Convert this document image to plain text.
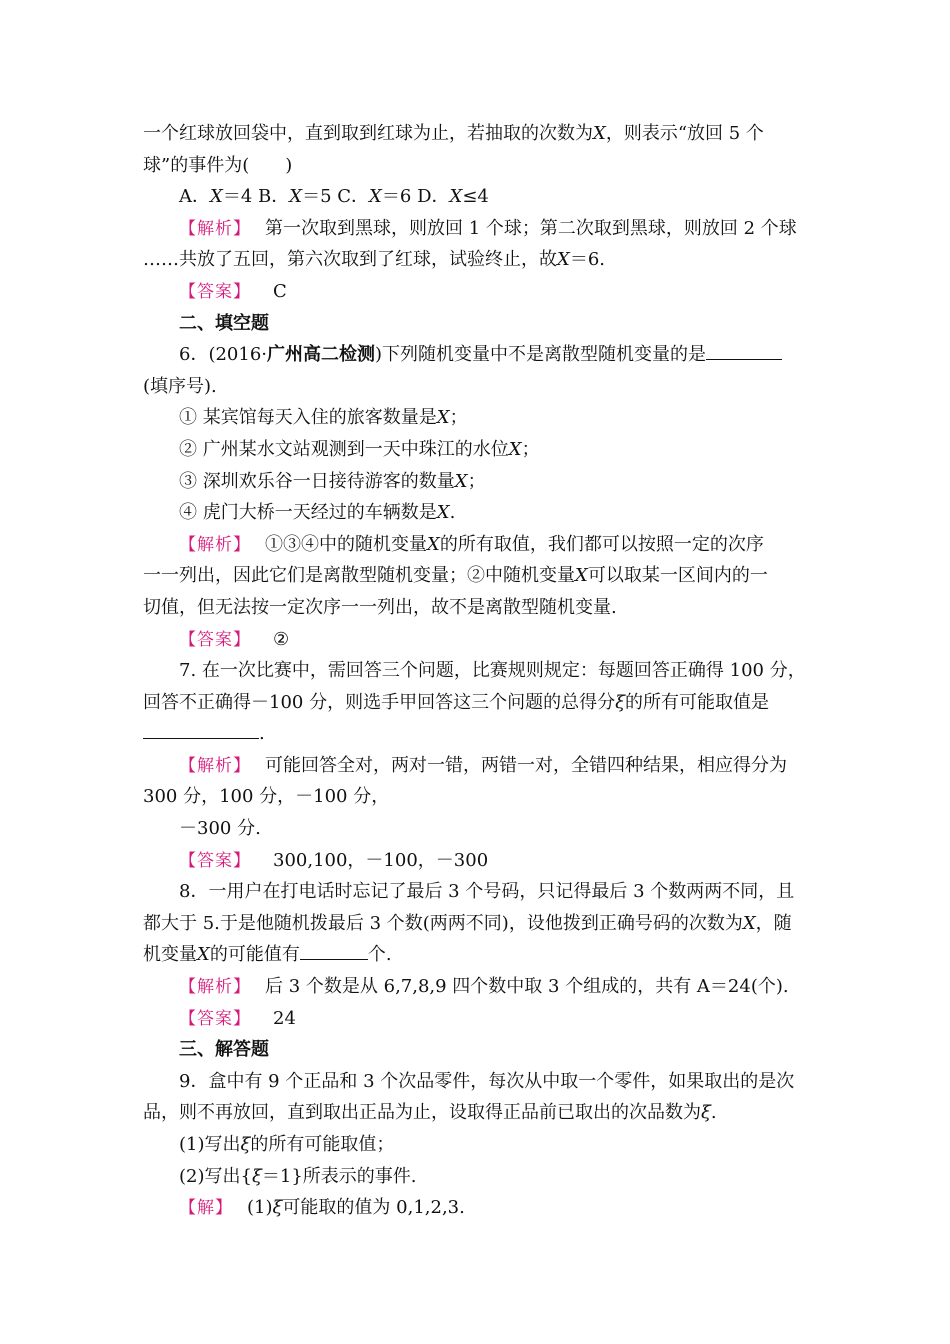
一个红球放回袋中，直到取到红球为止，若抽取的次数为X，则表示“放回 5 个
球”的事件为(　　)
A．X＝4 B．X＝5 C．X＝6 D．X≤4
【解析】 第一次取到黑球，则放回 1 个球；第二次取到黑球，则放回 2 个球
……共放了五回，第六次取到了红球，试验终止，故X＝6.
【答案】 C
二、填空题
6．(2016·广州高二检测)下列随机变量中不是离散型随机变量的是
(填序号).
① 某宾馆每天入住的旅客数量是X；
② 广州某水文站观测到一天中珠江的水位X；
③ 深圳欢乐谷一日接待游客的数量X；
④ 虎门大桥一天经过的车辆数是X.
【解析】 ①③④中的随机变量X的所有取值，我们都可以按照一定的次序
一一列出，因此它们是离散型随机变量；②中随机变量X可以取某一区间内的一
切值，但无法按一定次序一一列出，故不是离散型随机变量.
【答案】 ②
7. 在一次比赛中，需回答三个问题，比赛规则规定：每题回答正确得 100 分，
回答不正确得－100 分，则选手甲回答这三个问题的总得分ξ的所有可能取值是
.
【解析】 可能回答全对，两对一错，两错一对，全错四种结果，相应得分为
300 分，100 分，－100 分，
－300 分.
【答案】 300,100，－100，－300
8．一用户在打电话时忘记了最后 3 个号码，只记得最后 3 个数两两不同，且
都大于 5.于是他随机拨最后 3 个数(两两不同)，设他拨到正确号码的次数为X，随
机变量X的可能值有	个.
【解析】 后 3 个数是从 6,7,8,9 四个数中取 3 个组成的，共有 A＝24(个).
【答案】 24
三、解答题
9．盒中有 9 个正品和 3 个次品零件，每次从中取一个零件，如果取出的是次
品，则不再放回，直到取出正品为止，设取得正品前已取出的次品数为ξ.
(1)写出ξ的所有可能取值；
(2)写出{ξ＝1}所表示的事件.
【解】 (1)ξ可能取的值为 0,1,2,3.
